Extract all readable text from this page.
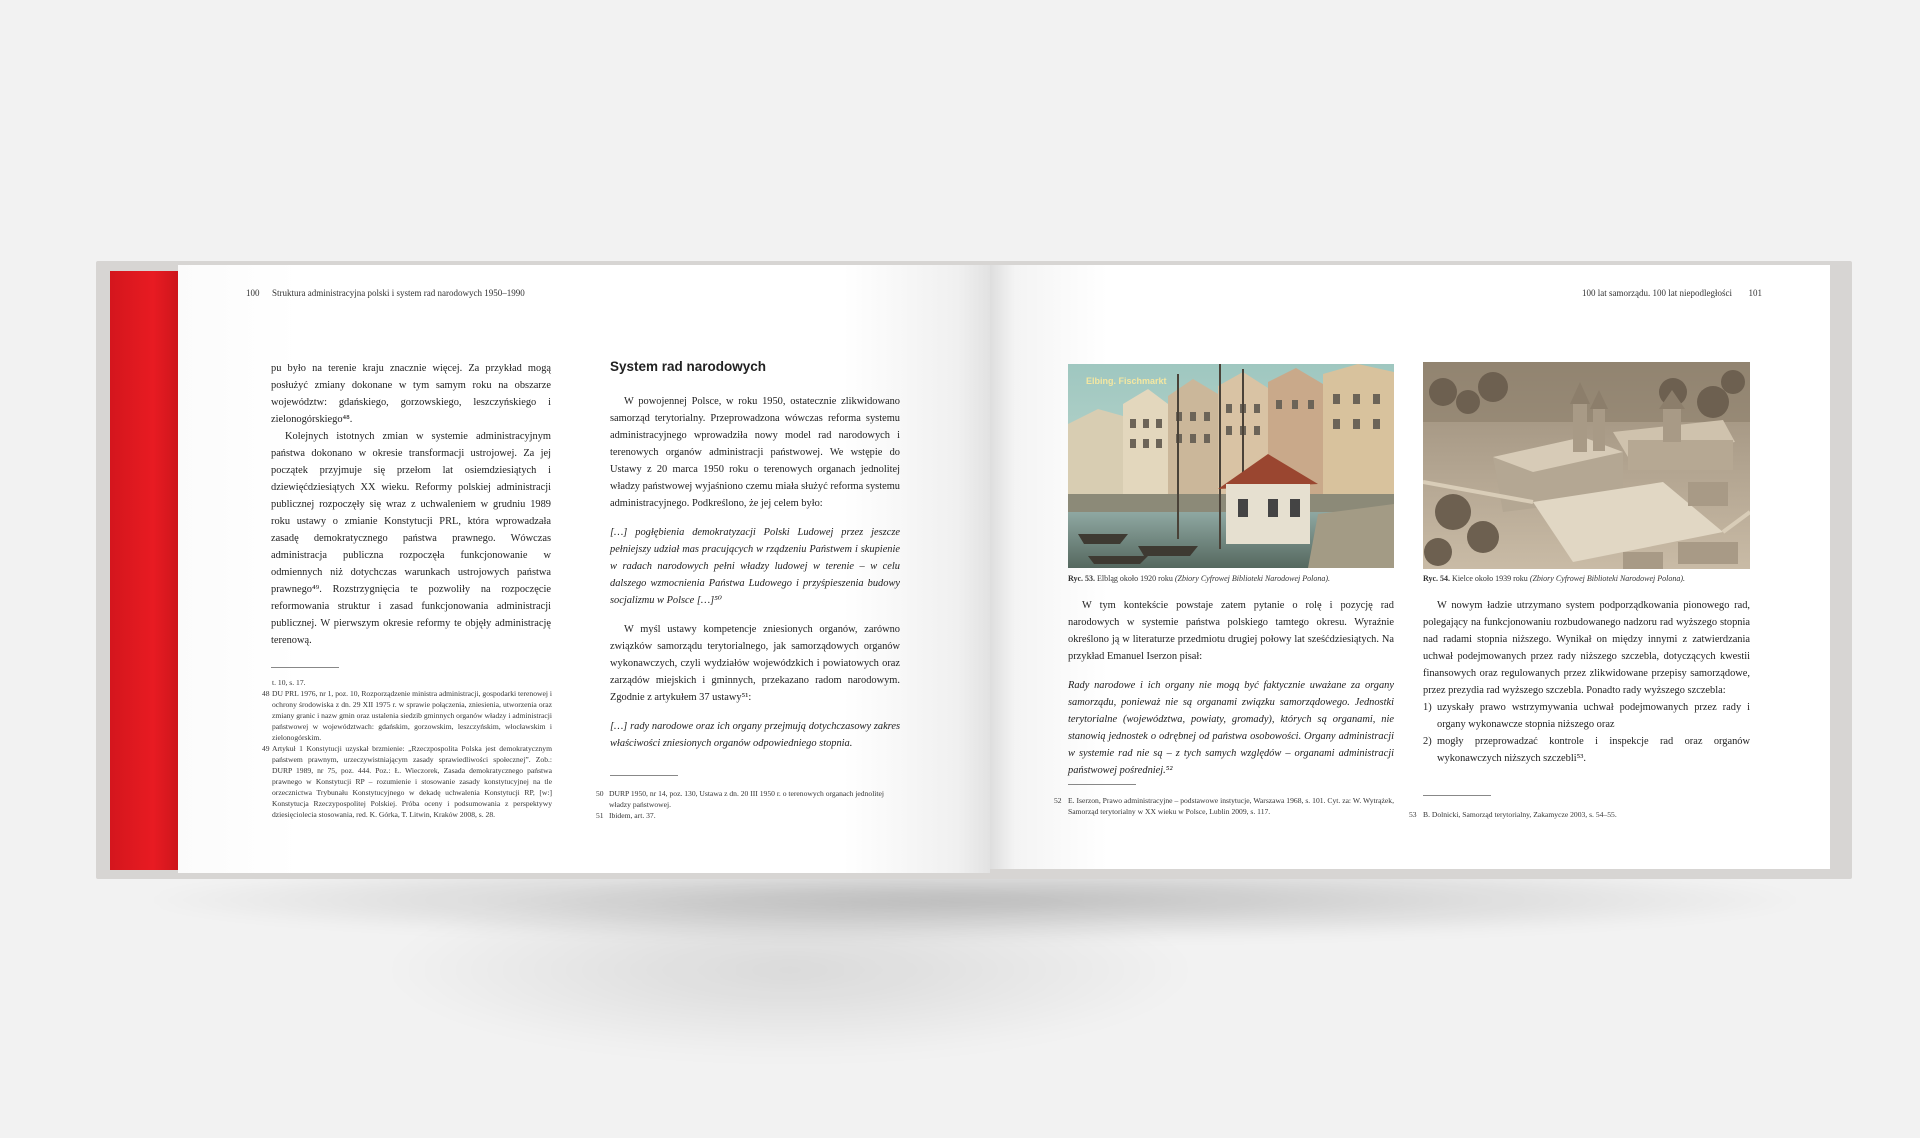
100 Struktura administracyjna polski i system rad narodowych 1950–1990

pu było na terenie kraju znacznie więcej. Za przykład mogą posłużyć zmiany dokonane w tym samym roku na obszarze województw: gdańskiego, gorzowskiego, leszczyńskiego i zielonogórskiego⁴⁸.

Kolejnych istotnych zmian w systemie administracyjnym państwa dokonano w okresie transformacji ustrojowej. Za jej początek przyjmuje się przełom lat osiemdziesiątych i dziewięćdziesiątych XX wieku. Reformy polskiej administracji publicznej rozpoczęły się wraz z uchwaleniem w grudniu 1989 roku ustawy o zmianie Konstytucji PRL, która wprowadzała zasadę demokratycznego państwa prawnego. Wówczas administracja publiczna rozpoczęła funkcjonowanie w odmiennych niż dotychczas warunkach ustrojowych państwa prawnego⁴⁹. Rozstrzygnięcia te pozwoliły na rozpoczęcie reformowania struktur i zasad funkcjonowania administracji publicznej. W pierwszym okresie reformy te objęły administrację terenową.

t. 10, s. 17.
48 DU PRL 1976, nr 1, poz. 10, Rozporządzenie ministra administracji, gospodarki terenowej i ochrony środowiska z dn. 29 XII 1975 r. w sprawie połączenia, zniesienia, utworzenia oraz zmiany granic i nazw gmin oraz ustalenia siedzib gminnych organów władzy i administracji państwowej w województwach: gdańskim, gorzowskim, leszczyńskim, włocławskim i zielonogórskim.
49 Artykuł 1 Konstytucji uzyskał brzmienie: „Rzeczpospolita Polska jest demokratycznym państwem prawnym, urzeczywistniającym zasady sprawiedliwości społecznej”. Zob.: DURP 1989, nr 75, poz. 444. Poz.: Ł. Wieczorek, Zasada demokratycznego państwa prawnego w Konstytucji RP – rozumienie i stosowanie zasady konstytucyjnej na tle orzecznictwa Trybunału Konstytucyjnego w dekadę uchwalenia Konstytucji RP, [w:] Konstytucja Rzeczypospolitej Polskiej. Próba oceny i podsumowania z perspektywy dziesięciolecia stosowania, red. K. Górka, T. Litwin, Kraków 2008, s. 28.
System rad narodowych

W powojennej Polsce, w roku 1950, ostatecznie zlikwidowano samorząd terytorialny. Przeprowadzona wówczas reforma systemu administracyjnego wprowadziła nowy model rad narodowych i terenowych organów administracji państwowej. We wstępie do Ustawy z 20 marca 1950 roku o terenowych organach jednolitej władzy państwowej wyjaśniono czemu miała służyć reforma systemu administracyjnego. Podkreślono, że jej celem było:

[…] pogłębienia demokratyzacji Polski Ludowej przez jeszcze pełniejszy udział mas pracujących w rządzeniu Państwem i skupienie w radach narodowych pełni władzy ludowej w terenie – w celu dalszego wzmocnienia Państwa Ludowego i przyśpieszenia budowy socjalizmu w Polsce […]⁵⁰

W myśl ustawy kompetencje zniesionych organów, zarówno związków samorządu terytorialnego, jak samorządowych organów wykonawczych, czyli wydziałów wojewódzkich i powiatowych oraz zarządów miejskich i gminnych, przekazano radom narodowym. Zgodnie z artykułem 37 ustawy⁵¹:

[…] rady narodowe oraz ich organy przejmują dotychczasowy zakres właściwości zniesionych organów odpowiedniego stopnia.

50 DURP 1950, nr 14, poz. 130, Ustawa z dn. 20 III 1950 r. o terenowych organach jednolitej władzy państwowej.
51 Ibidem, art. 37.
100 lat samorządu. 100 lat niepodległości 101
Elbing. Fischmarkt
Ryc. 53. Elbląg około 1920 roku (Zbiory Cyfrowej Biblioteki Narodowej Polona).	Ryc. 54. Kielce około 1939 roku (Zbiory Cyfrowej Biblioteki Narodowej Polona).

W tym kontekście powstaje zatem pytanie o rolę i pozycję rad narodowych w systemie państwa polskiego tamtego okresu. Wyraźnie określono ją w literaturze przedmiotu drugiej połowy lat sześćdziesiątych. Na przykład Emanuel Iserzon pisał:

Rady narodowe i ich organy nie mogą być faktycznie uważane za organy samorządu, ponieważ nie są organami związku samorządowego. Jednostki terytorialne (województwa, powiaty, gromady), których są organami, nie stanowią jednostek o odrębnej od państwa osobowości. Organy administracji w systemie rad nie są – z tych samych względów – organami administracji państwowej pośredniej.⁵²

52 E. Iserzon, Prawo administracyjne – podstawowe instytucje, Warszawa 1968, s. 101. Cyt. za: W. Wytrążek, Samorząd terytorialny w XX wieku w Polsce, Lublin 2009, s. 117.

W nowym ładzie utrzymano system podporządkowania pionowego rad, polegający na funkcjonowaniu rozbudowanego nadzoru rad wyższego stopnia nad radami stopnia niższego. Wynikał on między innymi z zatwierdzania uchwał podejmowanych przez rady niższego szczebla, dotyczących kwestii finansowych oraz regulowanych przez zlikwidowane przepisy samorządowe, przez prezydia rad wyższego szczebla. Ponadto rady wyższego szczebla:

1) uzyskały prawo wstrzymywania uchwał podejmowanych przez rady i organy wykonawcze stopnia niższego oraz
2) mogły przeprowadzać kontrole i inspekcje rad oraz organów wykonawczych niższych szczebli⁵³.
53 B. Dolnicki, Samorząd terytorialny, Zakamycze 2003, s. 54–55.
